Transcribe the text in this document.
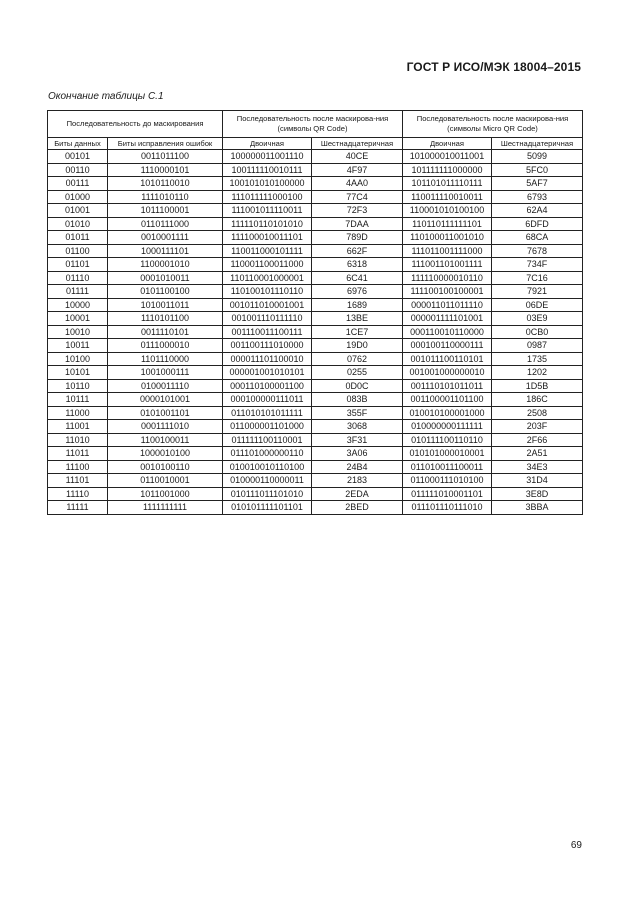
ГОСТ Р ИСО/МЭК 18004–2015
Окончание таблицы С.1
Последовательность до маскирования		Последовательность после маскирова-ния (символы QR Code)		Последовательность после маскирова-ния (символы Micro QR Code)	
Биты данных	Биты исправления ошибок	Двоичная	Шестнадцатеричная	Двоичная	Шестнадцатеричная
00101	0011011100	100000011001110	40CE	101000010011001	5099
00110	1110000101	100111110010111	4F97	101111111000000	5FC0
00111	1010110010	100101010100000	4AA0	101101011110111	5AF7
01000	1111010110	111011111000100	77C4	110011110010011	6793
01001	1011100001	111001011110011	72F3	110001010100100	62A4
01010	0110111000	111110110101010	7DAA	110110111111101	6DFD
01011	0010001111	111100010011101	789D	110100011001010	68CA
01100	1000111101	110011000101111	662F	111011001111000	7678
01101	1100001010	110001100011000	6318	111001101001111	734F
01110	0001010011	110110001000001	6C41	111110000010110	7C16
01111	0101100100	110100101110110	6976	111100100100001	7921
10000	1010011011	001011010001001	1689	000011011011110	06DE
10001	1110101100	001001110111110	13BE	000001111101001	03E9
10010	0011110101	001110011100111	1CE7	000110010110000	0CB0
10011	0111000010	001100111010000	19D0	000100110000111	0987
10100	1101110000	000011101100010	0762	001011100110101	1735
10101	1001000111	000001001010101	0255	001001000000010	1202
10110	0100011110	000110100001100	0D0C	001110101011011	1D5B
10111	0000101001	000100000111011	083B	001100001101100	186C
11000	0101001101	011010101011111	355F	010010100001000	2508
11001	0001111010	011000001101000	3068	010000000111111	203F
11010	1100100011	011111100110001	3F31	010111100110110	2F66
11011	1000010100	011101000000110	3A06	010101000010001	2A51
11100	0010100110	010010010110100	24B4	011010011100011	34E3
11101	0110010001	010000110000011	2183	011000111010100	31D4
11110	1011001000	010111011101010	2EDA	011111010001101	3E8D
11111	1111111111	010101111101101	2BED	011101110111010	3BBA
69
